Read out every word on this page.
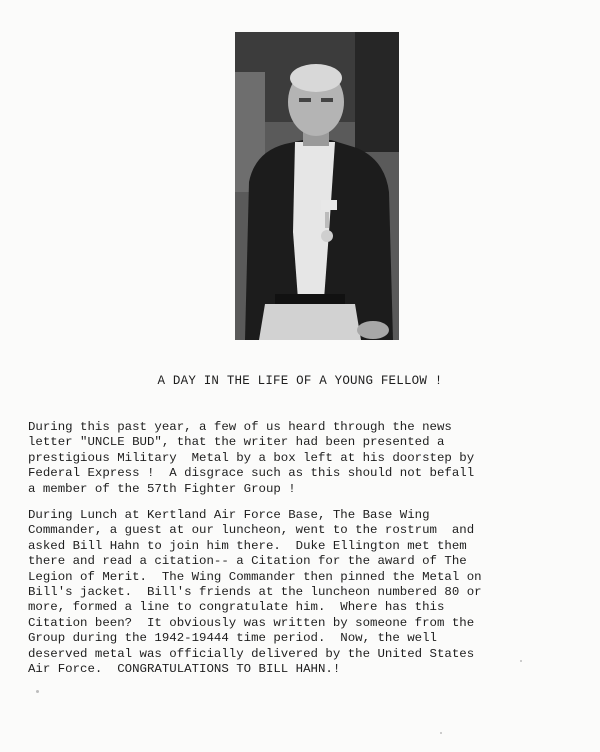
A DAY IN THE LIFE OF A YOUNG FELLOW !

During this past year, a few of us heard through the news
letter "UNCLE BUD", that the writer had been presented a
prestigious Military  Metal by a box left at his doorstep by
Federal Express !  A disgrace such as this should not befall
a member of the 57th Fighter Group !

During Lunch at Kertland Air Force Base, The Base Wing
Commander, a guest at our luncheon, went to the rostrum  and
asked Bill Hahn to join him there.  Duke Ellington met them
there and read a citation-- a Citation for the award of The
Legion of Merit.  The Wing Commander then pinned the Metal on
Bill's jacket.  Bill's friends at the luncheon numbered 80 or
more, formed a line to congratulate him.  Where has this
Citation been?  It obviously was written by someone from the
Group during the 1942-19444 time period.  Now, the well
deserved metal was officially delivered by the United States
Air Force.  CONGRATULATIONS TO BILL HAHN.!
